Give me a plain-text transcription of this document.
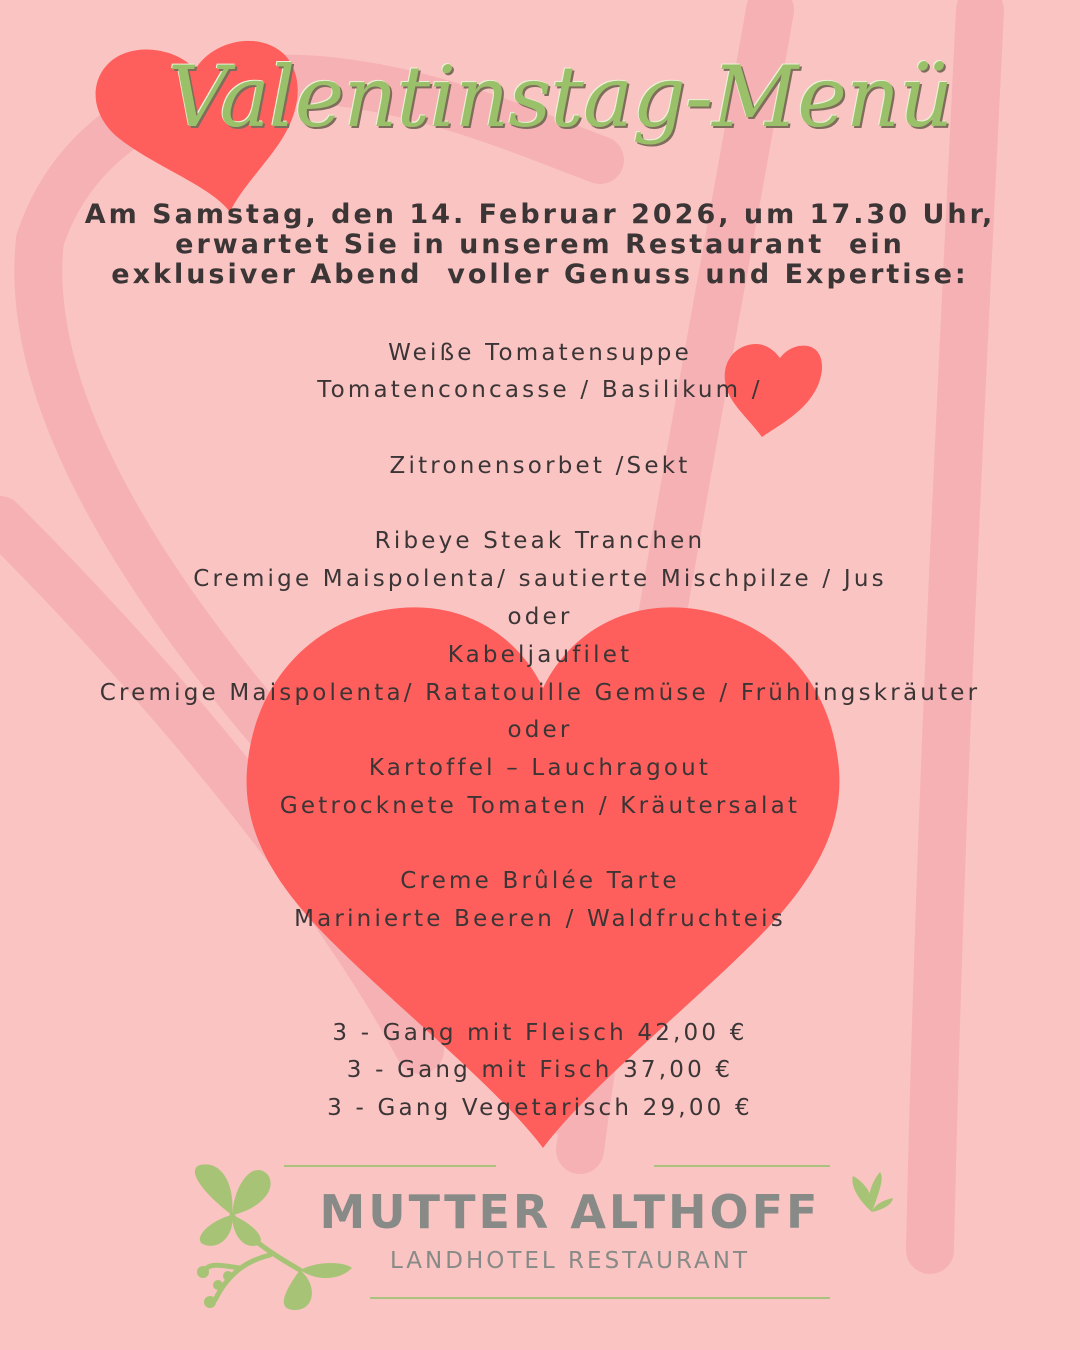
Valentinstag-Menü
Am Samstag, den 14. Februar 2026, um 17.30 Uhr,
erwartet Sie in unserem Restaurant  ein
exklusiver Abend  voller Genuss und Expertise:
Weiße Tomatensuppe
Tomatenconcasse / Basilikum /
Zitronensorbet /Sekt
Ribeye Steak Tranchen
Cremige Maispolenta/ sautierte Mischpilze / Jus
oder
Kabeljaufilet
Cremige Maispolenta/ Ratatouille Gemüse / Frühlingskräuter
oder
Kartoffel – Lauchragout
Getrocknete Tomaten / Kräutersalat
Creme Brûlée Tarte
Marinierte Beeren / Waldfruchteis
3 - Gang mit Fleisch 42,00 €
3 - Gang mit Fisch 37,00 €
3 - Gang Vegetarisch 29,00 €
MUTTER ALTHOFF
LANDHOTEL RESTAURANT
